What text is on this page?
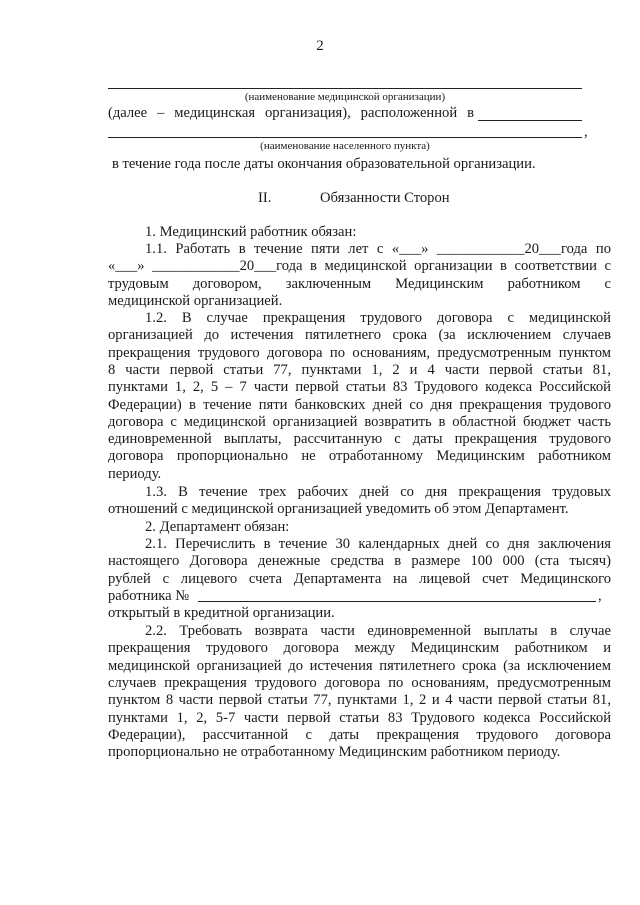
2
(наименование медицинской организации)
(далее – медицинская организация), расположенной в
,
(наименование населенного пункта)
в течение года после даты окончания образовательной организации.
II.	Обязанности Сторон
1. Медицинский работник обязан:
1.1. Работать в течение пяти лет с «___» ____________20___года по
«___» ____________20___года в медицинской организации в соответствии с
трудовым договором, заключенным Медицинским работником с
медицинской организацией.
1.2. В случае прекращения трудового договора с медицинской
организацией до истечения пятилетнего срока (за исключением случаев
прекращения трудового договора по основаниям, предусмотренным пунктом
8 части первой статьи 77, пунктами 1, 2 и 4 части первой статьи 81,
пунктами 1, 2, 5 – 7 части первой статьи 83 Трудового кодекса Российской
Федерации) в течение пяти банковских дней со дня прекращения трудового
договора с медицинской организацией возвратить в областной бюджет часть
единовременной выплаты, рассчитанную с даты прекращения трудового
договора пропорционально не отработанному Медицинским работником
периоду.
1.3. В течение трех рабочих дней со дня прекращения трудовых
отношений с медицинской организацией уведомить об этом Департамент.
2. Департамент обязан:
2.1. Перечислить в течение 30 календарных дней со дня заключения
настоящего Договора денежные средства в размере 100 000 (ста тысяч)
рублей с лицевого счета Департамента на лицевой счет Медицинского
работника №
открытый в кредитной организации.
,
2.2. Требовать возврата части единовременной выплаты в случае
прекращения трудового договора между Медицинским работником и
медицинской организацией до истечения пятилетнего срока (за исключением
случаев прекращения трудового договора по основаниям, предусмотренным
пунктом 8 части первой статьи 77, пунктами 1, 2 и 4 части первой статьи 81,
пунктами 1, 2, 5-7 части первой статьи 83 Трудового кодекса Российской
Федерации), рассчитанной с даты прекращения трудового договора
пропорционально не отработанному Медицинским работником периоду.
